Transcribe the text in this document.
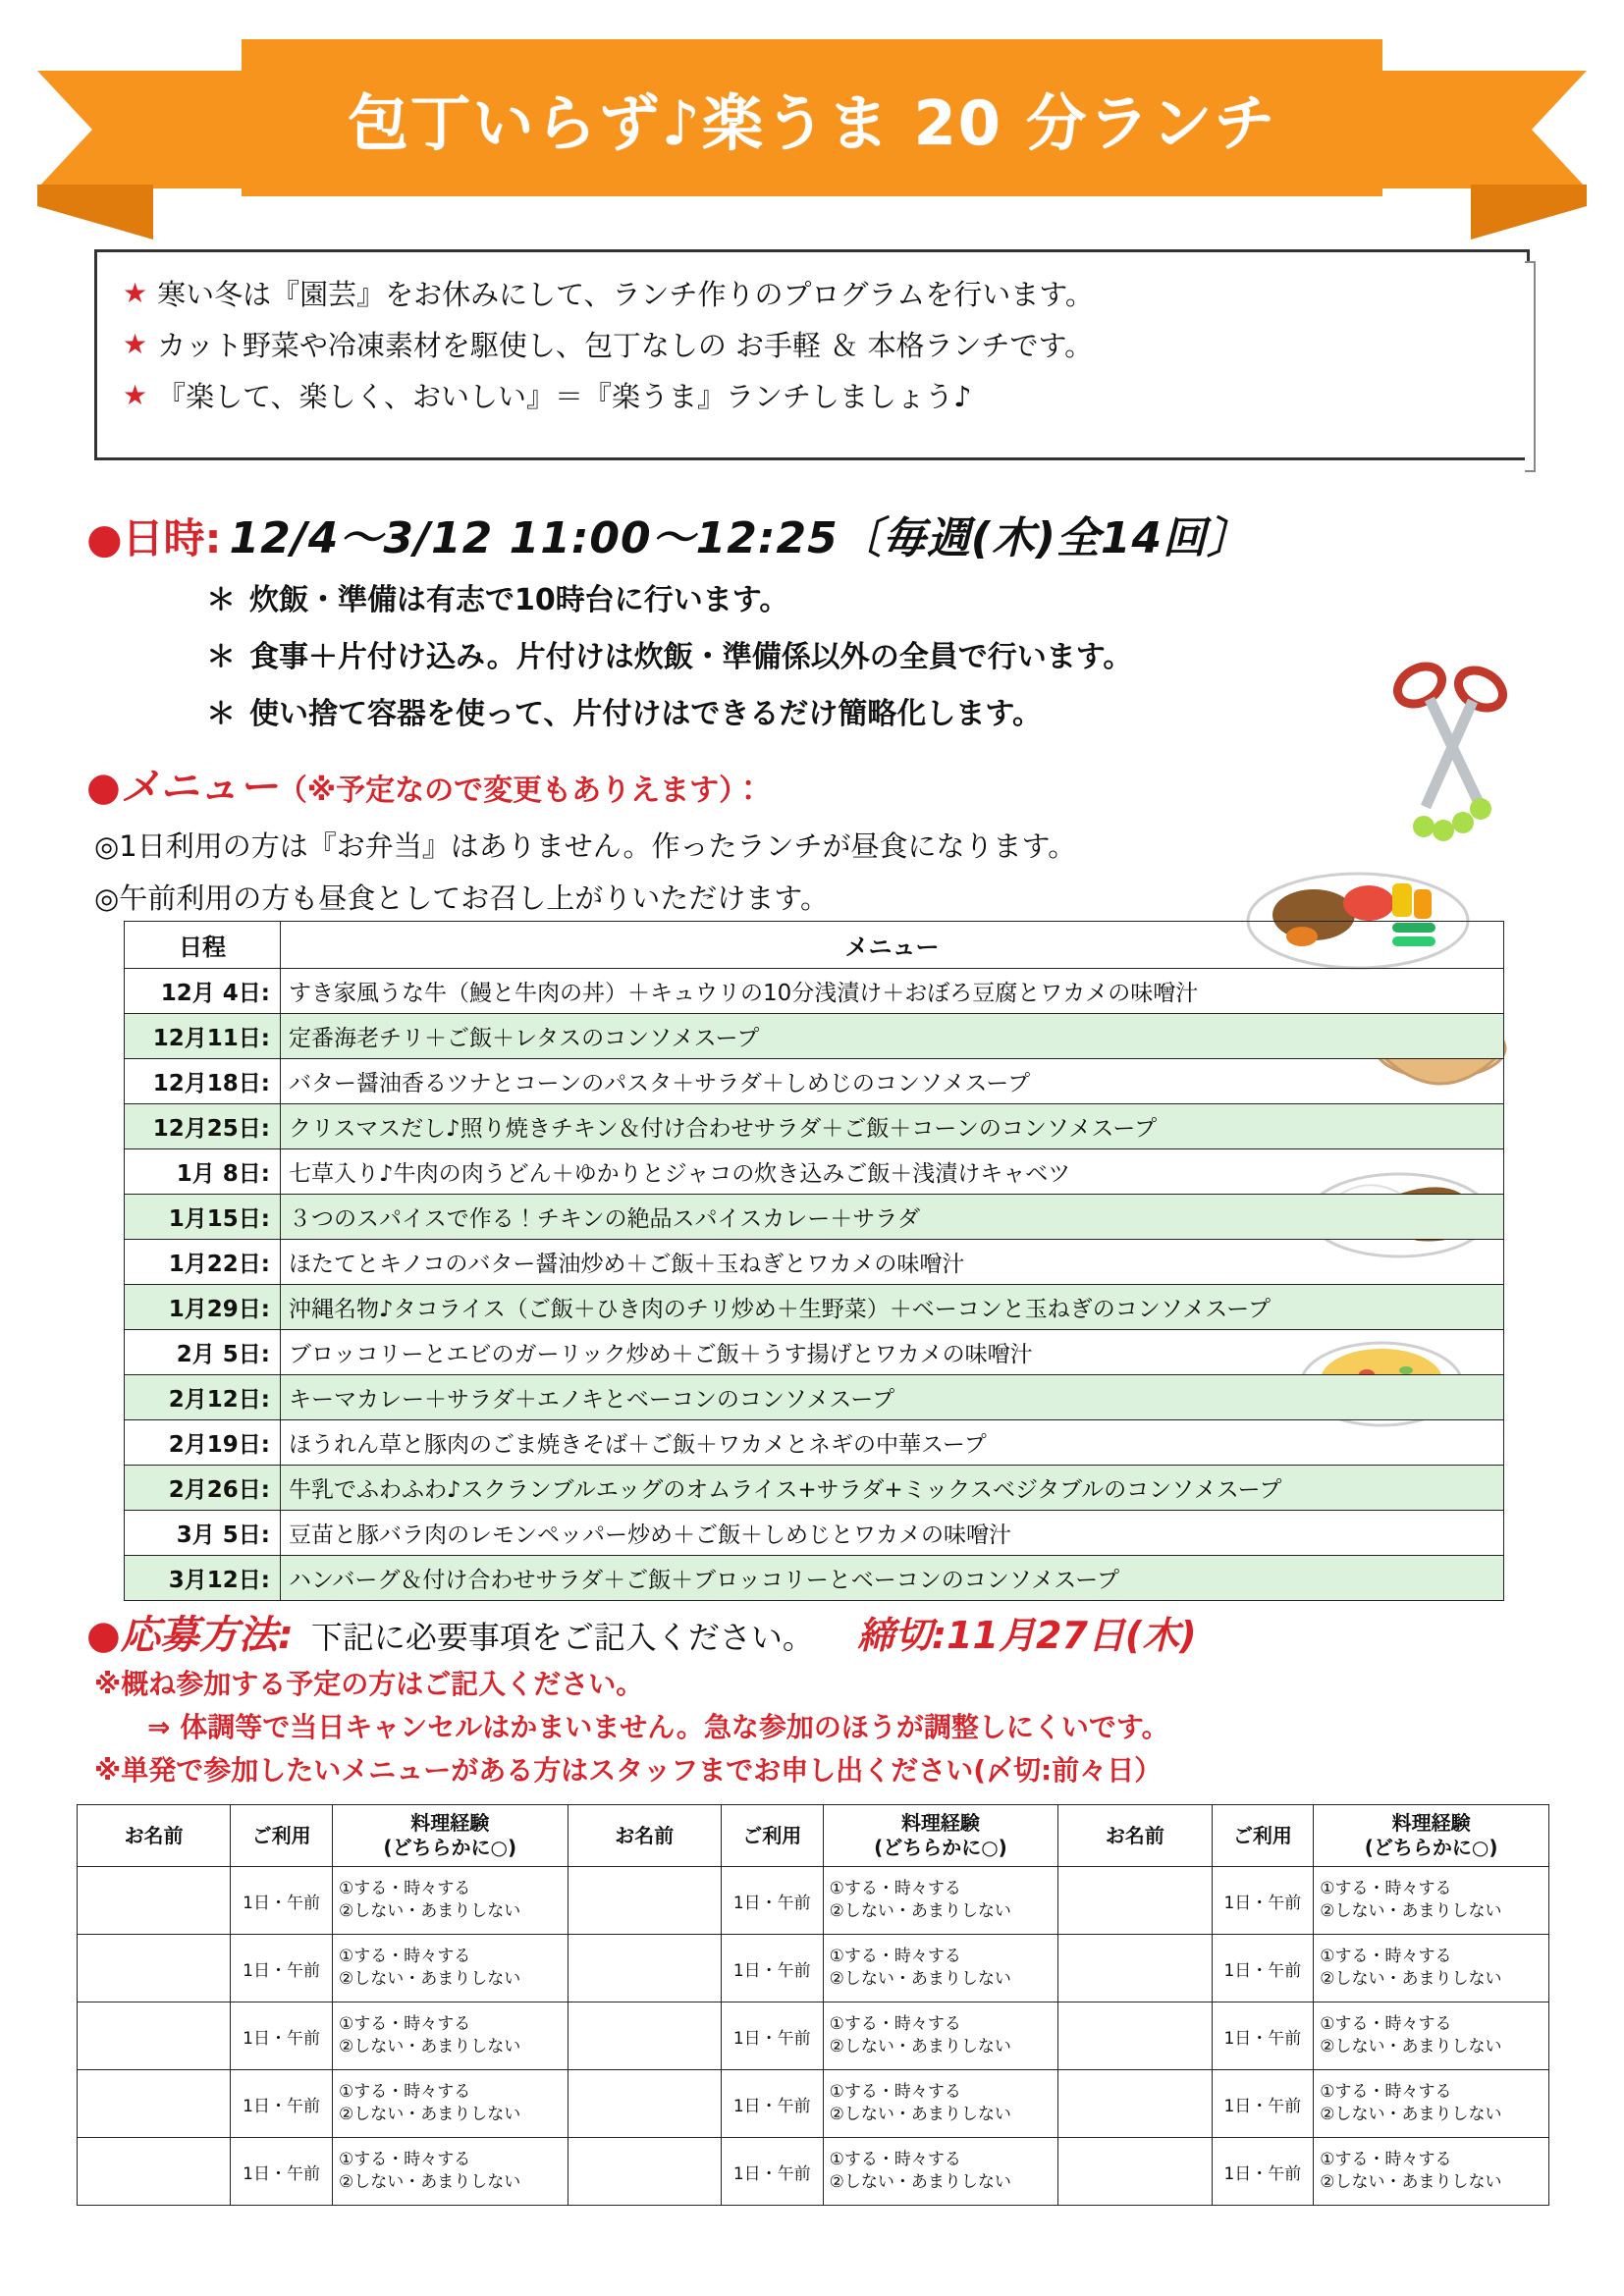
包丁いらず♪楽うま 20 分ランチ
★ 寒い冬は『園芸』をお休みにして、ランチ作りのプログラムを行います。
★ カット野菜や冷凍素材を駆使し、包丁なしの お手軽 ＆ 本格ランチです。
★ 『楽して、楽しく、おいしい』＝『楽うま』ランチしましょう♪
●日時: 12/4〜3/12 11:00〜12:25〔毎週(木)全14回〕
＊ 炊飯・準備は有志で10時台に行います。
＊ 食事＋片付け込み。片付けは炊飯・準備係以外の全員で行います。
＊ 使い捨て容器を使って、片付けはできるだけ簡略化します。
●メニュー （※予定なので変更もありえます）：
◎1日利用の方は『お弁当』はありません。作ったランチが昼食になります。
◎午前利用の方も昼食としてお召し上がりいただけます。
日程	メニュー
12月 4日:	すき家風うな牛（鰻と牛肉の丼）＋キュウリの10分浅漬け＋おぼろ豆腐とワカメの味噌汁
12月11日:	定番海老チリ＋ご飯＋レタスのコンソメスープ
12月18日:	バター醤油香るツナとコーンのパスタ＋サラダ＋しめじのコンソメスープ
12月25日:	クリスマスだし♪照り焼きチキン＆付け合わせサラダ＋ご飯＋コーンのコンソメスープ
1月 8日:	七草入り♪牛肉の肉うどん＋ゆかりとジャコの炊き込みご飯＋浅漬けキャベツ
1月15日:	３つのスパイスで作る！チキンの絶品スパイスカレー＋サラダ
1月22日:	ほたてとキノコのバター醤油炒め＋ご飯＋玉ねぎとワカメの味噌汁
1月29日:	沖縄名物♪タコライス（ご飯＋ひき肉のチリ炒め＋生野菜）＋ベーコンと玉ねぎのコンソメスープ
2月 5日:	ブロッコリーとエビのガーリック炒め＋ご飯＋うす揚げとワカメの味噌汁
2月12日:	キーマカレー＋サラダ＋エノキとベーコンのコンソメスープ
2月19日:	ほうれん草と豚肉のごま焼きそば＋ご飯＋ワカメとネギの中華スープ
2月26日:	牛乳でふわふわ♪スクランブルエッグのオムライス+サラダ+ミックスベジタブルのコンソメスープ
3月 5日:	豆苗と豚バラ肉のレモンペッパー炒め＋ご飯＋しめじとワカメの味噌汁
3月12日:	ハンバーグ＆付け合わせサラダ＋ご飯＋ブロッコリーとベーコンのコンソメスープ
●応募方法: 下記に必要事項をご記入ください。 締切:11月27日(木)
※概ね参加する予定の方はご記入ください。
⇒ 体調等で当日キャンセルはかまいません。急な参加のほうが調整しにくいです。
※単発で参加したいメニューがある方はスタッフまでお申し出ください(〆切:前々日）
お名前	ご利用	
料理経験
(どちらかに○)
	お名前	ご利用	
料理経験
(どちらかに○)
	お名前	ご利用	
料理経験
(どちらかに○)

	1日・午前	
①する・時々する
②しない・あまりしない		1日・午前	
①する・時々する
②しない・あまりしない		1日・午前	
①する・時々する
②しない・あまりしない

	1日・午前	
①する・時々する
②しない・あまりしない		1日・午前	
①する・時々する
②しない・あまりしない		1日・午前	
①する・時々する
②しない・あまりしない

	1日・午前	
①する・時々する
②しない・あまりしない		1日・午前	
①する・時々する
②しない・あまりしない		1日・午前	
①する・時々する
②しない・あまりしない

	1日・午前	
①する・時々する
②しない・あまりしない		1日・午前	
①する・時々する
②しない・あまりしない		1日・午前	
①する・時々する
②しない・あまりしない

	1日・午前	
①する・時々する
②しない・あまりしない		1日・午前	
①する・時々する
②しない・あまりしない		1日・午前	
①する・時々する
②しない・あまりしない
